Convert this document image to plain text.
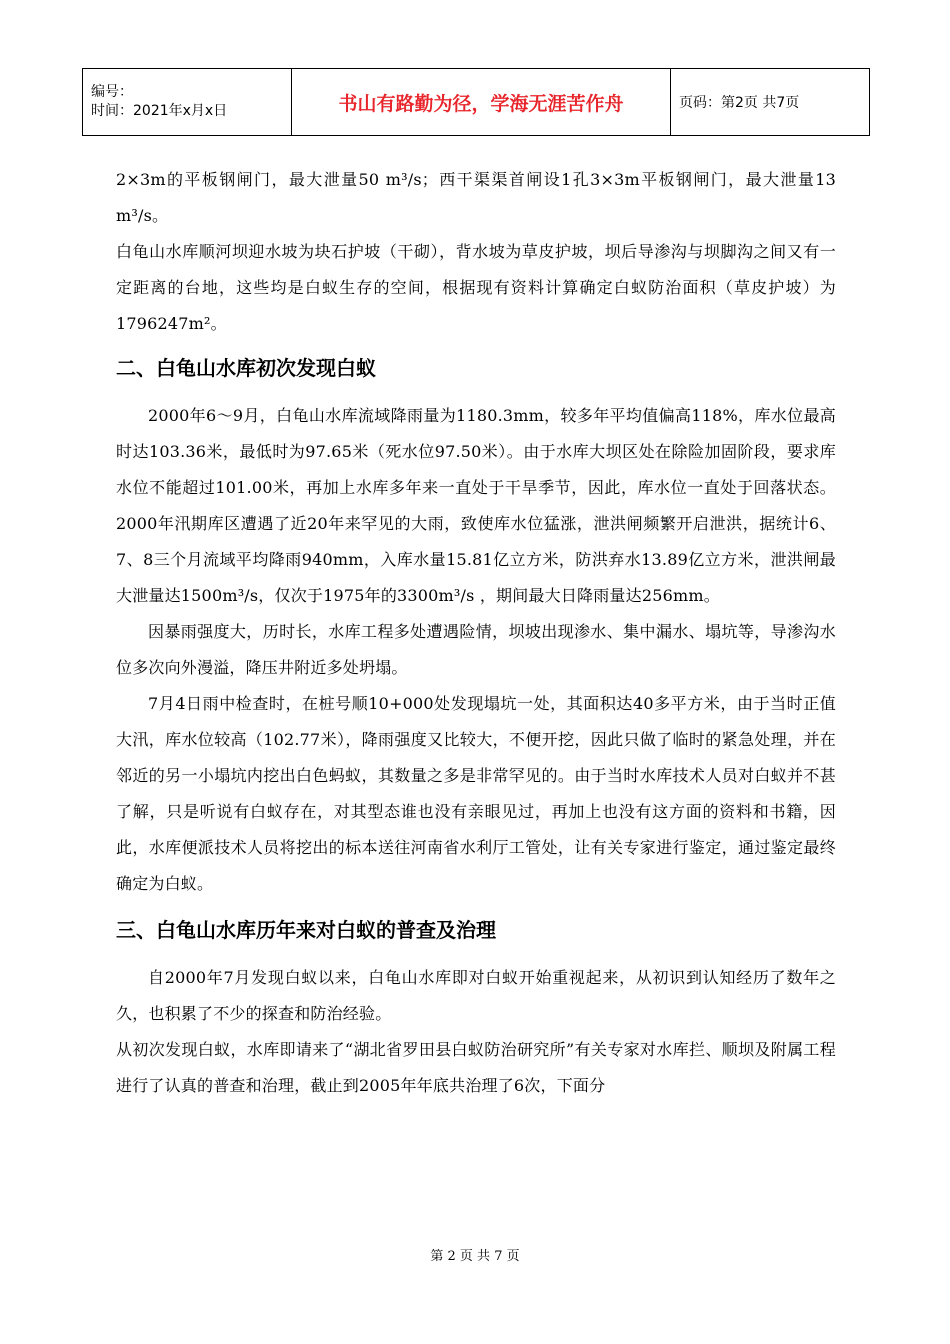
编号：
时间：2021年x月x日	书山有路勤为径，学海无涯苦作舟	页码：第2页 共7页

2×3m的平板钢闸门，最大泄量50 m³/s；西干渠渠首闸设1孔3×3m平板钢闸门，最大泄量13 m³/s。

白龟山水库顺河坝迎水坡为块石护坡（干砌），背水坡为草皮护坡，坝后导渗沟与坝脚沟之间又有一定距离的台地，这些均是白蚁生存的空间，根据现有资料计算确定白蚁防治面积（草皮护坡）为1796247m²。

二、白龟山水库初次发现白蚁

2000年6～9月，白龟山水库流域降雨量为1180.3mm，较多年平均值偏高118%，库水位最高时达103.36米，最低时为97.65米（死水位97.50米）。由于水库大坝区处在除险加固阶段，要求库水位不能超过101.00米，再加上水库多年来一直处于干旱季节，因此，库水位一直处于回落状态。2000年汛期库区遭遇了近20年来罕见的大雨，致使库水位猛涨，泄洪闸频繁开启泄洪，据统计6、7、8三个月流域平均降雨940mm，入库水量15.81亿立方米，防洪弃水13.89亿立方米，泄洪闸最大泄量达1500m³/s，仅次于1975年的3300m³/s ，期间最大日降雨量达256mm。

因暴雨强度大，历时长，水库工程多处遭遇险情，坝坡出现渗水、集中漏水、塌坑等，导渗沟水位多次向外漫溢，降压井附近多处坍塌。

7月4日雨中检查时，在桩号顺10+000处发现塌坑一处，其面积达40多平方米，由于当时正值大汛，库水位较高（102.77米），降雨强度又比较大，不便开挖，因此只做了临时的紧急处理，并在邻近的另一小塌坑内挖出白色蚂蚁，其数量之多是非常罕见的。由于当时水库技术人员对白蚁并不甚了解，只是听说有白蚁存在，对其型态谁也没有亲眼见过，再加上也没有这方面的资料和书籍，因此，水库便派技术人员将挖出的标本送往河南省水利厅工管处，让有关专家进行鉴定，通过鉴定最终确定为白蚁。

三、白龟山水库历年来对白蚁的普查及治理

自2000年7月发现白蚁以来，白龟山水库即对白蚁开始重视起来，从初识到认知经历了数年之久，也积累了不少的探查和防治经验。

从初次发现白蚁，水库即请来了“湖北省罗田县白蚁防治研究所”有关专家对水库拦、顺坝及附属工程进行了认真的普查和治理，截止到2005年年底共治理了6次，下面分

第 2 页 共 7 页
